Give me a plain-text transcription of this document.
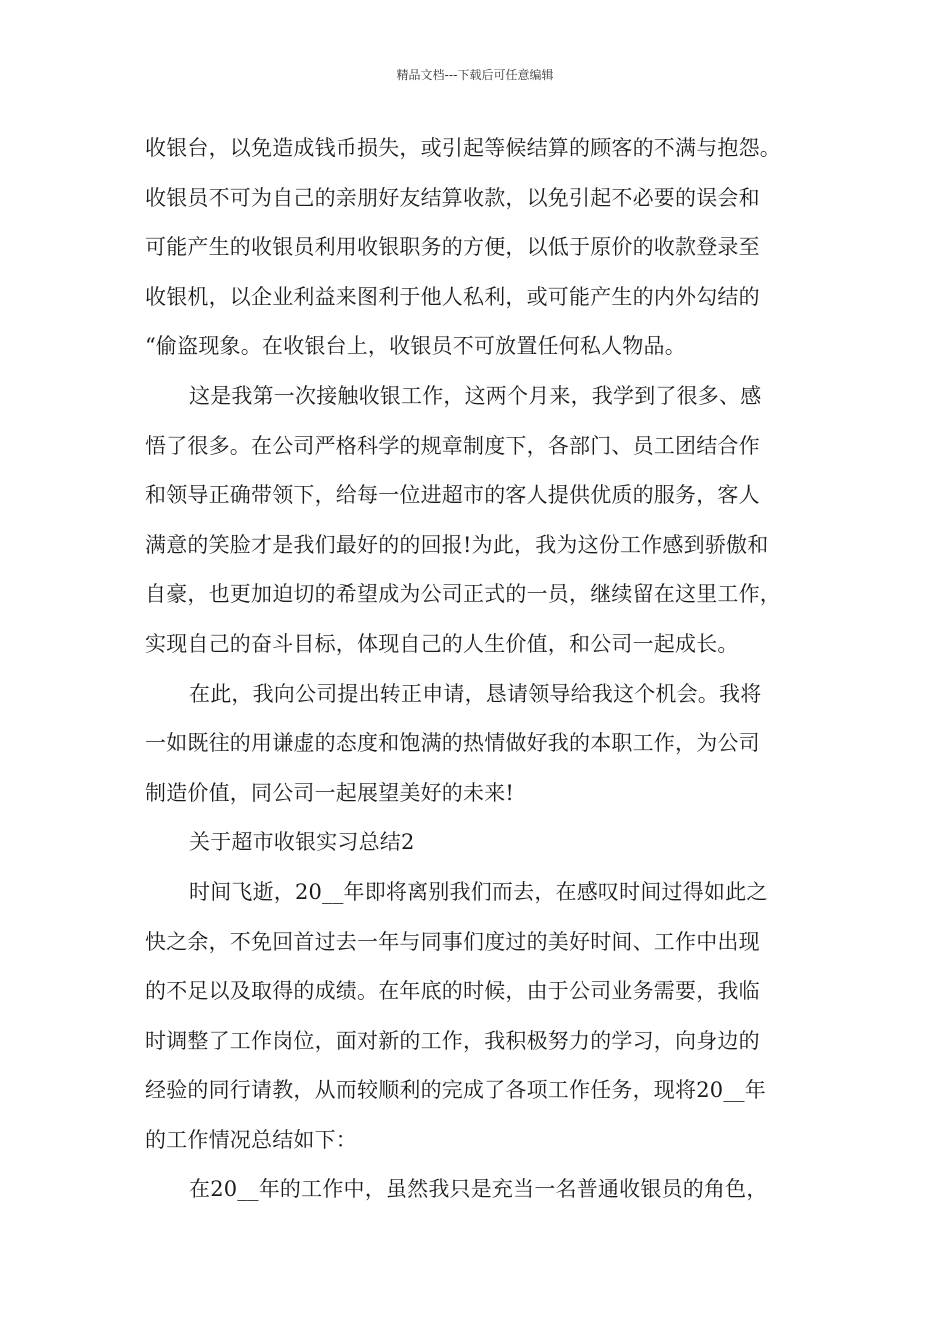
精品文档---下载后可任意编辑
收银台，以免造成钱币损失，或引起等候结算的顾客的不满与抱怨。
收银员不可为自己的亲朋好友结算收款，以免引起不必要的误会和
可能产生的收银员利用收银职务的方便，以低于原价的收款登录至
收银机，以企业利益来图利于他人私利，或可能产生的内外勾结的
“偷盗现象。在收银台上，收银员不可放置任何私人物品。
这是我第一次接触收银工作，这两个月来，我学到了很多、感
悟了很多。在公司严格科学的规章制度下，各部门、员工团结合作
和领导正确带领下，给每一位进超市的客人提供优质的服务，客人
满意的笑脸才是我们最好的的回报!为此，我为这份工作感到骄傲和
自豪，也更加迫切的希望成为公司正式的一员，继续留在这里工作，
实现自己的奋斗目标，体现自己的人生价值，和公司一起成长。
在此，我向公司提出转正申请，恳请领导给我这个机会。我将
一如既往的用谦虚的态度和饱满的热情做好我的本职工作，为公司
制造价值，同公司一起展望美好的未来!
关于超市收银实习总结2
时间飞逝，20__年即将离别我们而去，在感叹时间过得如此之
快之余，不免回首过去一年与同事们度过的美好时间、工作中出现
的不足以及取得的成绩。在年底的时候，由于公司业务需要，我临
时调整了工作岗位，面对新的工作，我积极努力的学习，向身边的
经验的同行请教，从而较顺利的完成了各项工作任务，现将20__年
的工作情况总结如下：
在20__年的工作中，虽然我只是充当一名普通收银员的角色，
